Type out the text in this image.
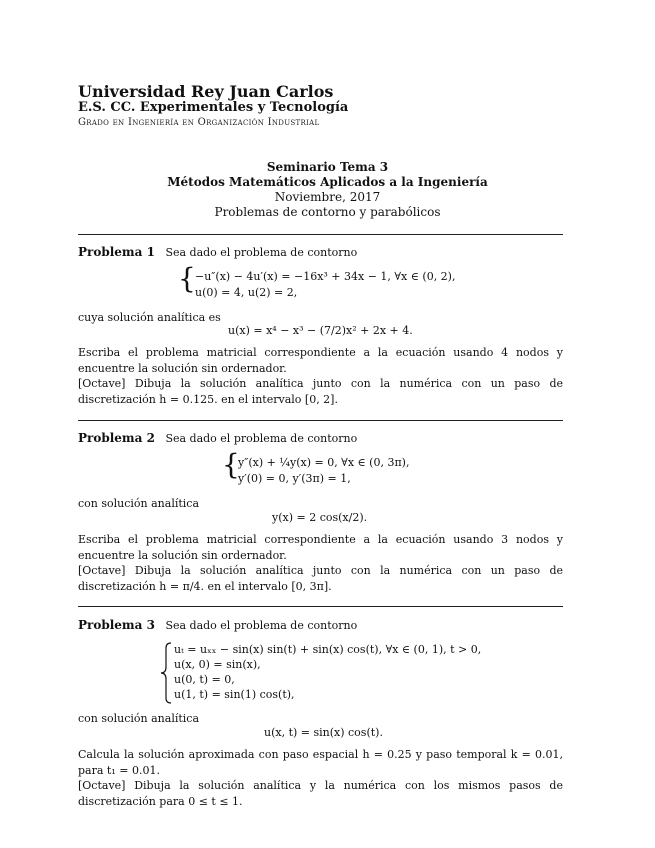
Universidad Rey Juan Carlos
E.S. CC. Experimentales y Tecnología
Grado en Ingeniería en Organización Industrial
Seminario Tema 3
Métodos Matemáticos Aplicados a la Ingeniería
Noviembre, 2017
Problemas de contorno y parabólicos
Problema 1 Sea dado el problema de contorno
{ −u″(x) − 4u′(x) = −16x³ + 34x − 1, ∀x ∈ (0, 2),
u(0) = 4, u(2) = 2,
cuya solución analítica es
u(x) = x⁴ − x³ − (7/2)x² + 2x + 4.
Escriba el problema matricial correspondiente a la ecuación usando 4 nodos y encuentre la solución sin ordernador.
[Octave] Dibuja la solución analítica junto con la numérica con un paso de discretización h = 0.125. en el intervalo [0, 2].
Problema 2 Sea dado el problema de contorno
{
y″(x) + ¼y(x) = 0, ∀x ∈ (0, 3π),
y′(0) = 0, y′(3π) = 1,
con solución analítica
y(x) = 2 cos(x/2).
Escriba el problema matricial correspondiente a la ecuación usando 3 nodos y encuentre la solución sin ordernador.
[Octave] Dibuja la solución analítica junto con la numérica con un paso de discretización h = π/4. en el intervalo [0, 3π].
Problema 3 Sea dado el problema de contorno
uₜ = uₓₓ − sin(x) sin(t) + sin(x) cos(t), ∀x ∈ (0, 1), t > 0,
u(x, 0) = sin(x),
u(0, t) = 0,
u(1, t) = sin(1) cos(t),
con solución analítica
u(x, t) = sin(x) cos(t).
Calcula la solución aproximada con paso espacial h = 0.25 y paso temporal k = 0.01, para t₁ = 0.01.
[Octave] Dibuja la solución analítica y la numérica con los mismos pasos de discretización para 0 ≤ t ≤ 1.
